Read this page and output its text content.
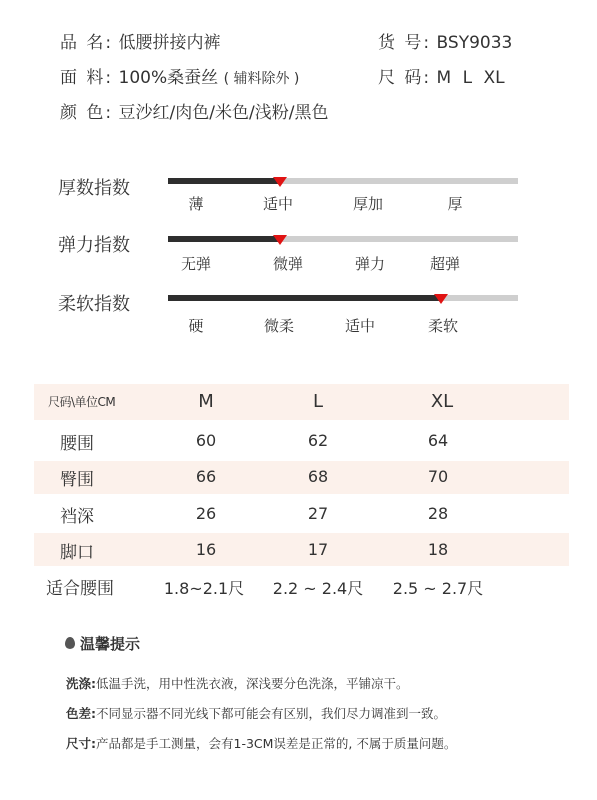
品 名: 低腰拼接内裤	货 号: BSY9033
面 料: 100%桑蚕丝 ( 辅料除外 )	尺 码: M L XL
颜 色: 豆沙红/肉色/米色/浅粉/黑色
厚数指数
薄	适中	厚加	厚
弹力指数
无弹	微弹	弹力	超弹
柔软指数
硬	微柔	适中	柔软
尺码\单位CM	M	L	XL
腰围	60	62	64
臀围	66	68	70
裆深	26	27	28
脚口	16	17	18
适合腰围	1.8~2.1尺 2.2 ~ 2.4尺 2.5 ~ 2.7尺
温馨提示
洗涤:低温手洗，用中性洗衣液，深浅要分色洗涤，平铺凉干。
色差:不同显示器不同光线下都可能会有区别，我们尽力调准到一致。
尺寸:产品都是手工测量，会有1-3CM误差是正常的, 不属于质量问题。
